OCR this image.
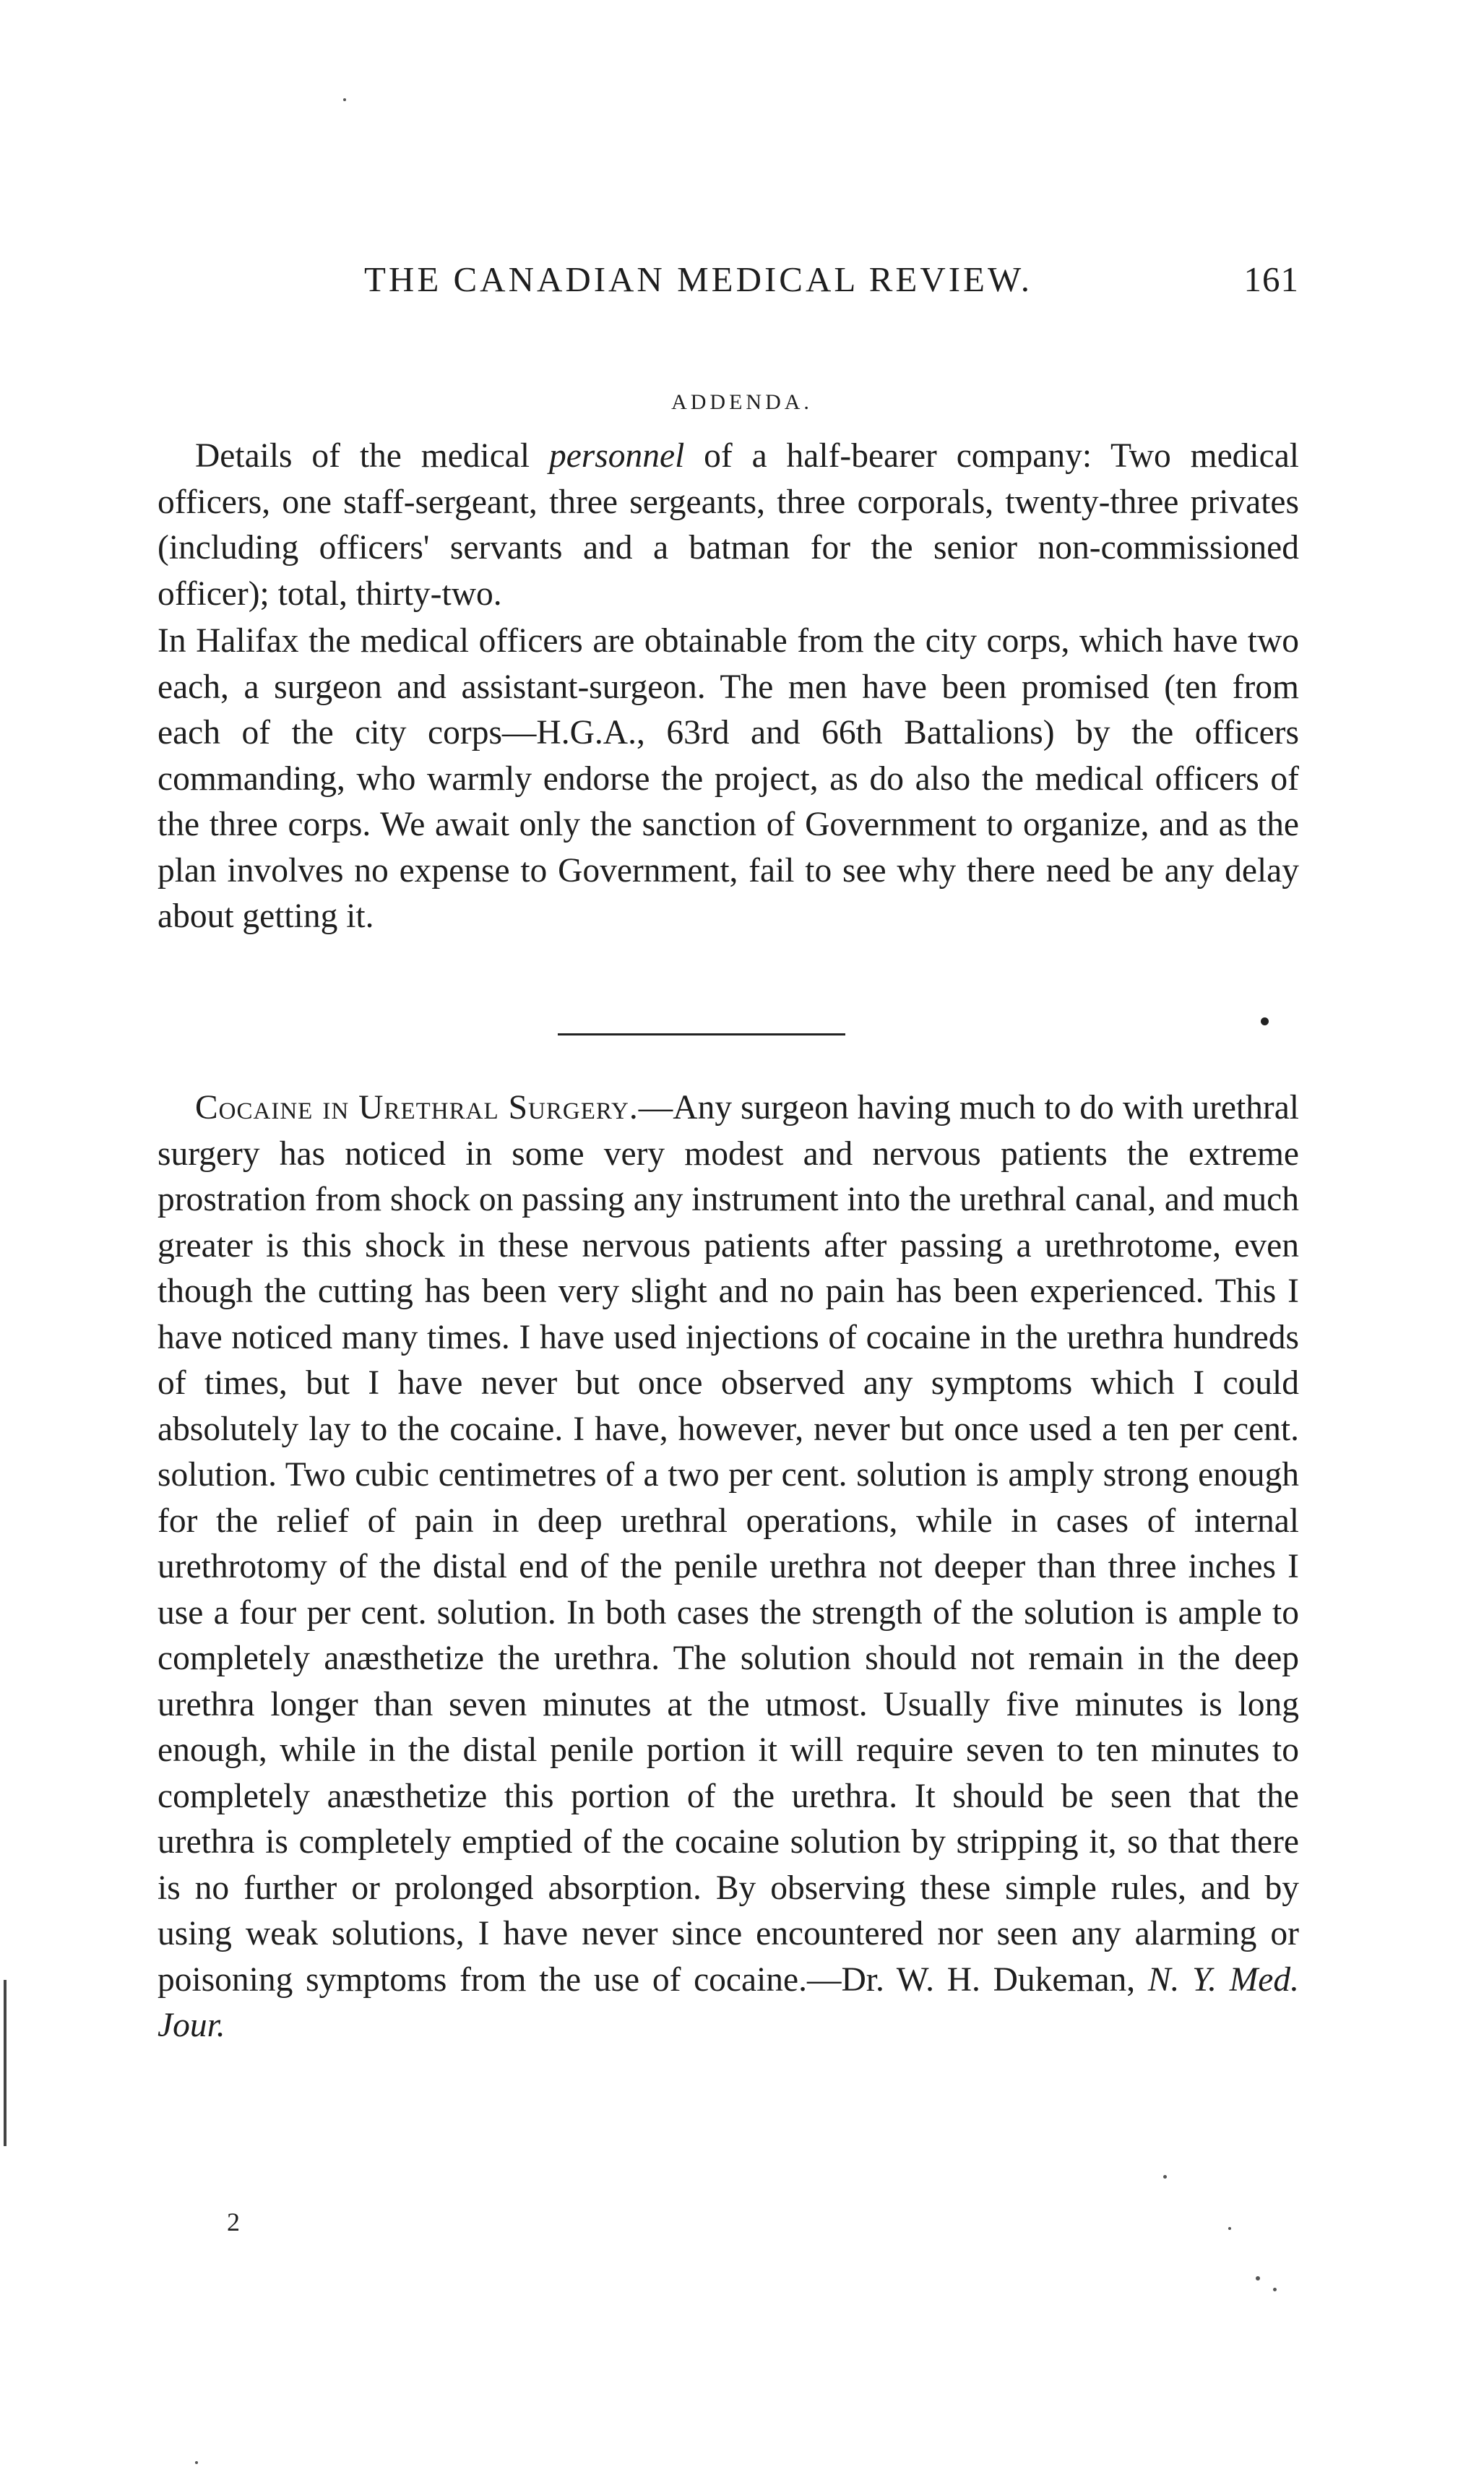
THE CANADIAN MEDICAL REVIEW.	161
ADDENDA.

Details of the medical personnel of a half-bearer company: Two medical officers, one staff-sergeant, three sergeants, three corporals, twenty-three privates (including officers' servants and a batman for the senior non-commissioned officer); total, thirty-two.

In Halifax the medical officers are obtainable from the city corps, which have two each, a surgeon and assistant-surgeon. The men have been promised (ten from each of the city corps—H.G.A., 63rd and 66th Battalions) by the officers commanding, who warmly endorse the project, as do also the medical officers of the three corps. We await only the sanction of Government to organize, and as the plan involves no expense to Government, fail to see why there need be any delay about getting it.

Cocaine in Urethral Surgery.—Any surgeon having much to do with urethral surgery has noticed in some very modest and nervous patients the extreme prostration from shock on passing any instrument into the urethral canal, and much greater is this shock in these nervous patients after passing a urethrotome, even though the cutting has been very slight and no pain has been experienced. This I have noticed many times. I have used injections of cocaine in the urethra hundreds of times, but I have never but once observed any symptoms which I could absolutely lay to the cocaine. I have, however, never but once used a ten per cent. solution. Two cubic centimetres of a two per cent. solution is amply strong enough for the relief of pain in deep urethral operations, while in cases of internal urethrotomy of the distal end of the penile urethra not deeper than three inches I use a four per cent. solution. In both cases the strength of the solution is ample to completely anæsthetize the urethra. The solution should not remain in the deep urethra longer than seven minutes at the utmost. Usually five minutes is long enough, while in the distal penile portion it will require seven to ten minutes to completely anæsthetize this portion of the urethra. It should be seen that the urethra is completely emptied of the cocaine solution by stripping it, so that there is no further or prolonged absorption. By observing these simple rules, and by using weak solutions, I have never since encountered nor seen any alarming or poisoning symptoms from the use of cocaine.—Dr. W. H. Dukeman, N. Y. Med. Jour.

2
